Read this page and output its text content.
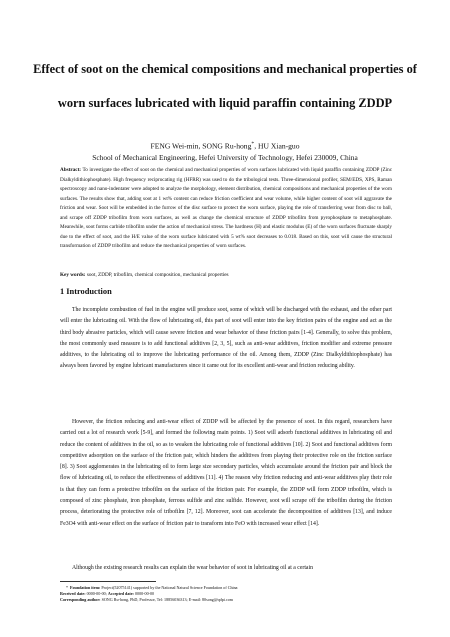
Effect of soot on the chemical compositions and mechanical properties of
worn surfaces lubricated with liquid paraffin containing ZDDP
FENG Wei-min, SONG Ru-hong*, HU Xian-guo
School of Mechanical Engineering, Hefei University of Technology, Hefei 230009, China

Abstract: To investigate the effect of soot on the chemical and mechanical properties of worn surfaces lubricated with liquid paraffin containing ZDDP (Zinc Dialkyldithiophosphate). High frequency reciprocating rig (HFRR) was used to do the tribological tests. Three-dimensional profiler, SEM/EDS, XPS, Raman spectroscopy and nano-indentater were adopted to analyze the morphology, element distribution, chemical compositions and mechanical properties of the worn surfaces. The results show that, adding soot at 1 wt% content can reduce friction coefficient and wear volume, while higher content of soot will aggravate the friction and wear. Soot will be embedded in the furrow of the disc surface to protect the worn surface, playing the role of transferring wear from disc to ball, and scrape off ZDDP tribofilm from worn surfaces, as well as change the chemical structure of ZDDP tribofilm from pyrophosphate to metaphosphate. Meanwhile, soot forms carbide tribofilm under the action of mechanical stress. The hardness (H) and elastic modulus (E) of the worn surfaces fluctuate sharply due to the effect of soot, and the H/E value of the worn surface lubricated with 5 wt% soot decreases to 0.018. Based on this, soot will cause the structural transformation of ZDDP tribofilm and reduce the mechanical properties of worn surfaces.

Key words: soot, ZDDP, tribofilm, chemical composition, mechanical properties

1 Introduction

The incomplete combustion of fuel in the engine will produce soot, some of which will be discharged with the exhaust, and the other part will enter the lubricating oil. With the flow of lubricating oil, this part of soot will enter into the key friction pairs of the engine and act as the third body abrasive particles, which will cause severe friction and wear behavior of these friction pairs [1-4]. Generally, to solve this problem, the most commonly used measure is to add functional additives [2, 3, 5], such as anti-wear additives, friction modifier and extreme pressure additives, to the lubricating oil to improve the lubricating performance of the oil. Among them, ZDDP (Zinc Dialkyldithiophosphate) has always been favored by engine lubricant manufacturers since it came out for its excellent anti-wear and friction reducing ability.

However, the friction reducing and anti-wear effect of ZDDP will be affected by the presence of soot. In this regard, researchers have carried out a lot of research work [5-9], and formed the following main points. 1) Soot will adsorb functional additives in lubricating oil and reduce the content of additives in the oil, so as to weaken the lubricating role of functional additives [10]. 2) Soot and functional additives form competitive adsorption on the surface of the friction pair, which hinders the additives from playing their protective role on the friction surface [8]. 3) Soot agglomerates in the lubricating oil to form large size secondary particles, which accumulate around the friction pair and block the flow of lubricating oil, to reduce the effectiveness of additives [11]. 4) The reason why friction reducing and anti-wear additives play their role is that they can form a protective tribofilm on the surface of the friction pair. For example, the ZDDP will form ZDDP tribofilm, which is composed of zinc phosphate, iron phosphate, ferrous sulfide and zinc sulfide. However, soot will scrape off the tribofilm during the friction process, deteriorating the protective role of tribofilm [7, 12]. Moreover, soot can accelerate the decomposition of additives [13], and induce Fe3O4 with anti-wear effect on the surface of friction pair to transform into FeO with increased wear effect [14].

Although the existing research results can explain the wear behavior of soot in lubricating oil at a certain

* Foundation item: Project(52075141) supported by the National Natural Science Foundation of China

Received date: 0000-00-00; Accepted date: 0000-00-00

Corresponding author: SONG Ru-hong, PhD, Professor, Tel: 18856036313; E-mail: 80song@qdpi.com
